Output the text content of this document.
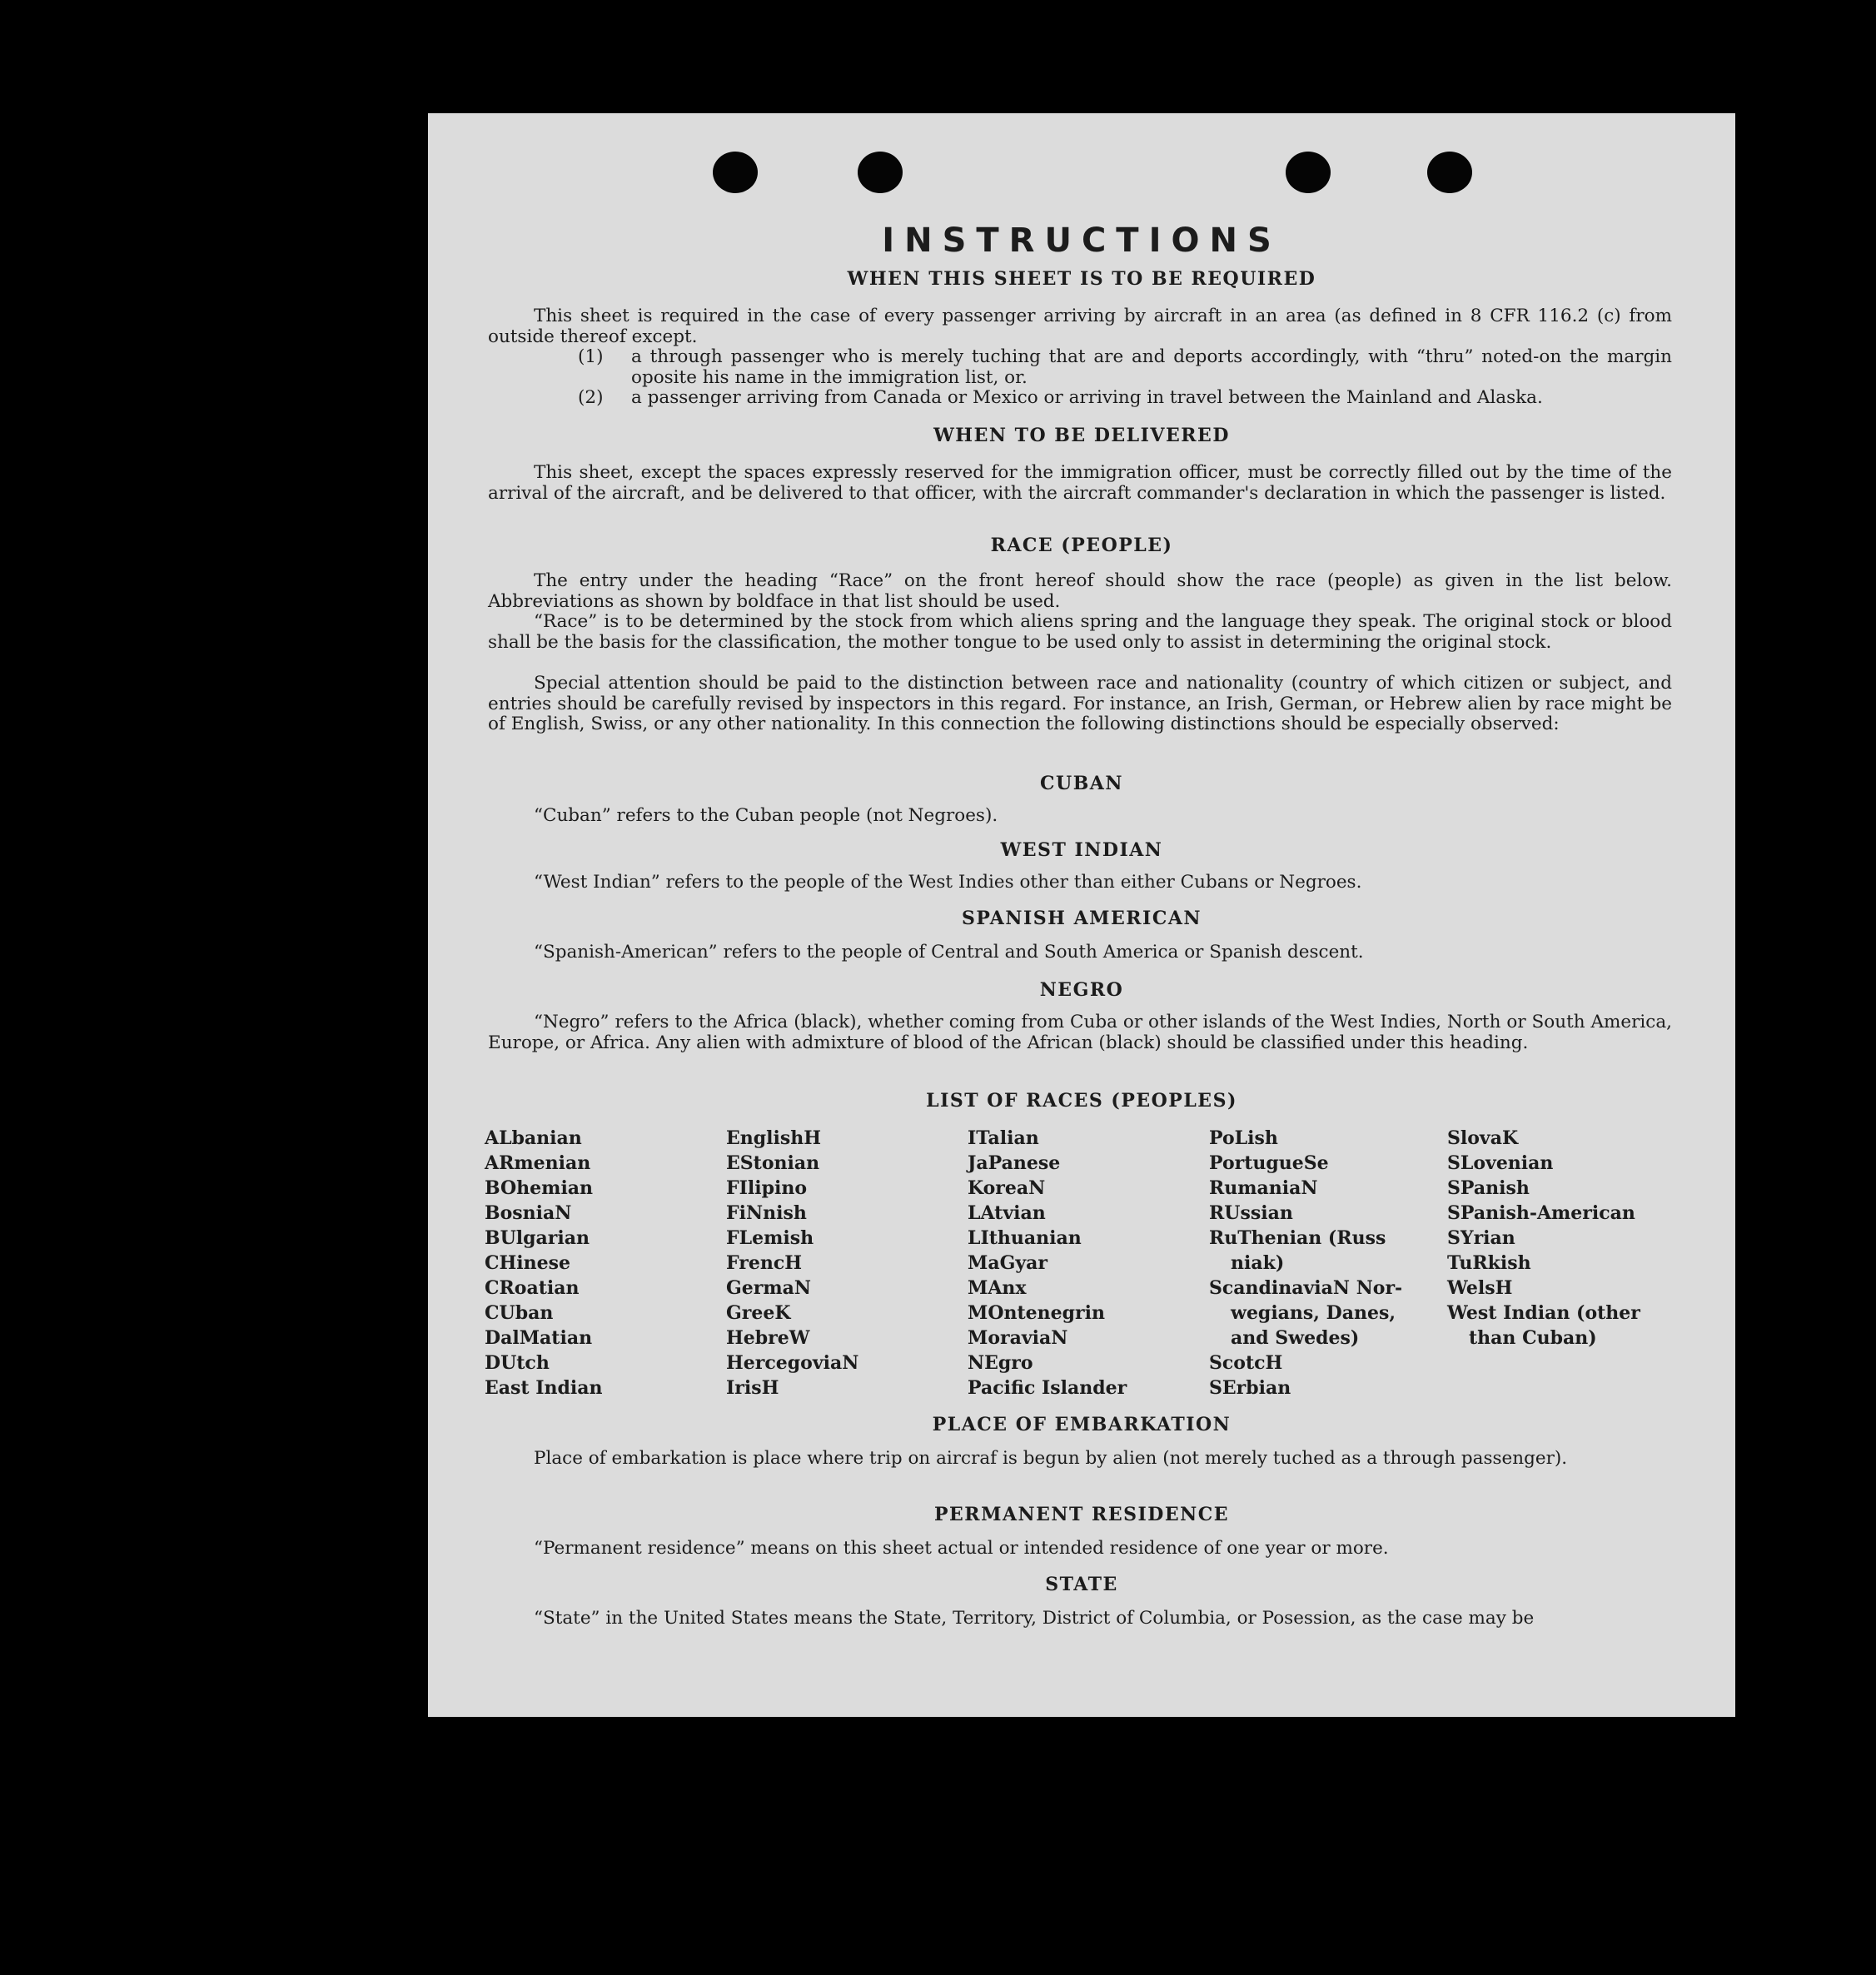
INSTRUCTIONS
WHEN THIS SHEET IS TO BE REQUIRED
This sheet is required in the case of every passenger arriving by aircraft in an area (as defined in 8 CFR 116.2 (c) from outside thereof except.
(1) a through passenger who is merely tuching that are and deports accordingly, with “thru” noted-on the margin oposite his name in the immigration list, or.
(2) a passenger arriving from Canada or Mexico or arriving in travel between the Mainland and Alaska.
WHEN TO BE DELIVERED
This sheet, except the spaces expressly reserved for the immigration officer, must be correctly filled out by the time of the arrival of the aircraft, and be delivered to that officer, with the aircraft commander's declaration in which the passenger is listed.
RACE (PEOPLE)
The entry under the heading “Race” on the front hereof should show the race (people) as given in the list below. Abbreviations as shown by boldface in that list should be used.
“Race” is to be determined by the stock from which aliens spring and the language they speak. The original stock or blood shall be the basis for the classification, the mother tongue to be used only to assist in determining the original stock.
Special attention should be paid to the distinction between race and nationality (country of which citizen or subject, and entries should be carefully revised by inspectors in this regard. For instance, an Irish, German, or Hebrew alien by race might be of English, Swiss, or any other nationality. In this connection the following distinctions should be especially observed:
CUBAN
“Cuban” refers to the Cuban people (not Negroes).
WEST INDIAN
“West Indian” refers to the people of the West Indies other than either Cubans or Negroes.
SPANISH AMERICAN
“Spanish-American” refers to the people of Central and South America or Spanish descent.
NEGRO
“Negro” refers to the Africa (black), whether coming from Cuba or other islands of the West Indies, North or South America, Europe, or Africa. Any alien with admixture of blood of the African (black) should be classified under this heading.
LIST OF RACES (PEOPLES)
ALbanian
ARmenian
BOhemian
BosniaN
BUlgarian
CHinese
CRoatian
CUban
DalMatian
DUtch
East Indian
EnglishH
EStonian
FIlipino
FiNnish
FLemish
FrencH
GermaN
GreeK
HebreW
HercegoviaN
IrisH
ITalian
JaPanese
KoreaN
LAtvian
LIthuanian
MaGyar
MAnx
MOntenegrin
MoraviaN
NEgro
Pacific Islander
PoLish
PortugueSe
RumaniaN
RUssian
RuThenian (Russ
niak)
ScandinaviaN Nor-
wegians, Danes,
and Swedes)
ScotcH
SErbian
SlovaK
SLovenian
SPanish
SPanish-American
SYrian
TuRkish
WelsH
West Indian (other
than Cuban)
PLACE OF EMBARKATION
Place of embarkation is place where trip on aircraf is begun by alien (not merely tuched as a through passenger).
PERMANENT RESIDENCE
“Permanent residence” means on this sheet actual or intended residence of one year or more.
STATE
“State” in the United States means the State, Territory, District of Columbia, or Posession, as the case may be
